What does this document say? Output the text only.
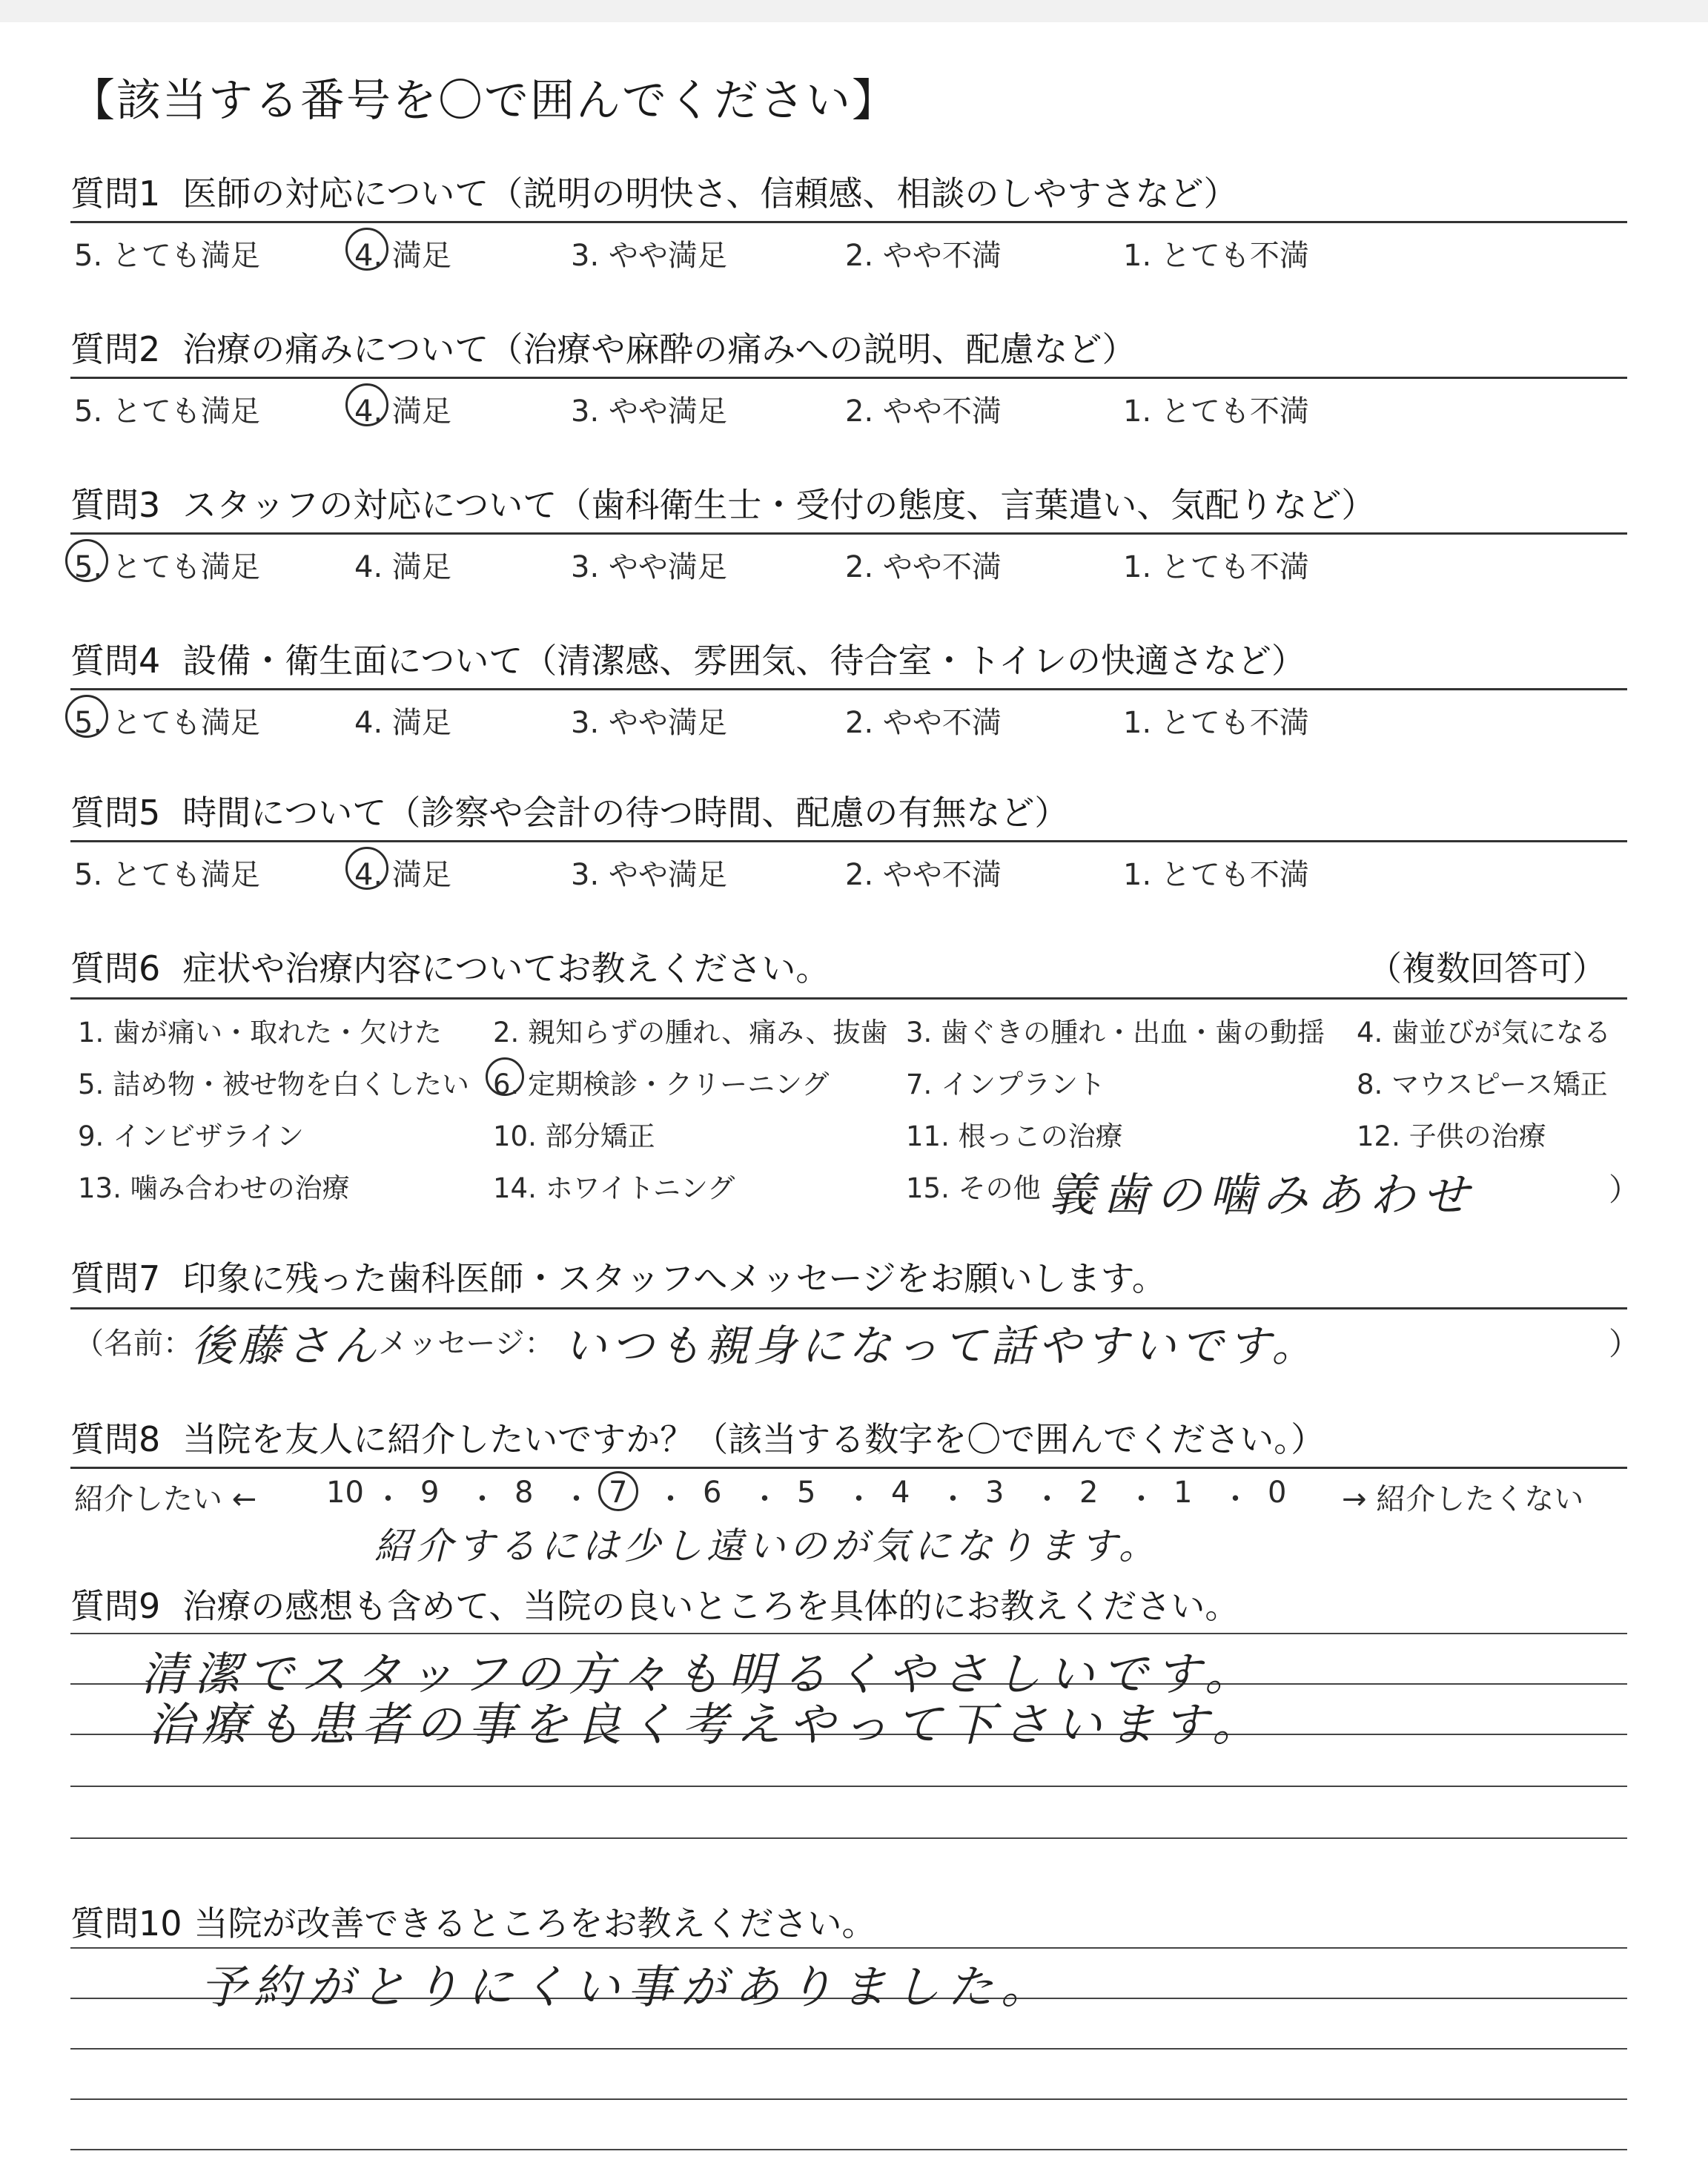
【該当する番号を〇で囲んでください】
質問1 医師の対応について（説明の明快さ、信頼感、相談のしやすさなど）
5. とても満足	4. 満足	3. やや満足	2. やや不満	1. とても不満
質問2 治療の痛みについて（治療や麻酔の痛みへの説明、配慮など）
5. とても満足	4. 満足	3. やや満足	2. やや不満	1. とても不満
質問3 スタッフの対応について（歯科衛生士・受付の態度、言葉遣い、気配りなど）
5. とても満足	4. 満足	3. やや満足	2. やや不満	1. とても不満
質問4 設備・衛生面について（清潔感、雰囲気、待合室・トイレの快適さなど）
5. とても満足	4. 満足	3. やや満足	2. やや不満	1. とても不満
質問5 時間について（診察や会計の待つ時間、配慮の有無など）
5. とても満足	4. 満足	3. やや満足	2. やや不満	1. とても不満
質問6 症状や治療内容についてお教えください。	（複数回答可）
1. 歯が痛い・取れた・欠けた 2. 親知らずの腫れ、痛み、抜歯 3. 歯ぐきの腫れ・出血・歯の動揺 4. 歯並びが気になる
5. 詰め物・被せ物を白くしたい 6. 定期検診・クリーニング	7. インプラント	8. マウスピース矯正
9. インビザライン	10. 部分矯正	11. 根っこの治療	12. 子供の治療
13. 噛み合わせの治療	14. ホワイトニング	15. その他（	）
義歯の噛みあわせ
質問7 印象に残った歯科医師・スタッフへメッセージをお願いします。
（名前：
後藤さん
メッセージ： いつも親身になって話やすいです。	）
質問8 当院を友人に紹介したいですか？（該当する数字を〇で囲んでください。）
紹介したい ← 10 ・ 9 ・ 8 ・ 7 ・ 6 ・ 5 ・ 4 ・ 3 ・ 2 ・ 1 ・ 0 → 紹介したくない
紹介するには少し遠いのが気になります。
質問9 治療の感想も含めて、当院の良いところを具体的にお教えください。
清潔でスタッフの方々も明るくやさしいです。
治療も患者の事を良く考えやって下さいます。
質問10 当院が改善できるところをお教えください。
予約がとりにくい事がありました。
